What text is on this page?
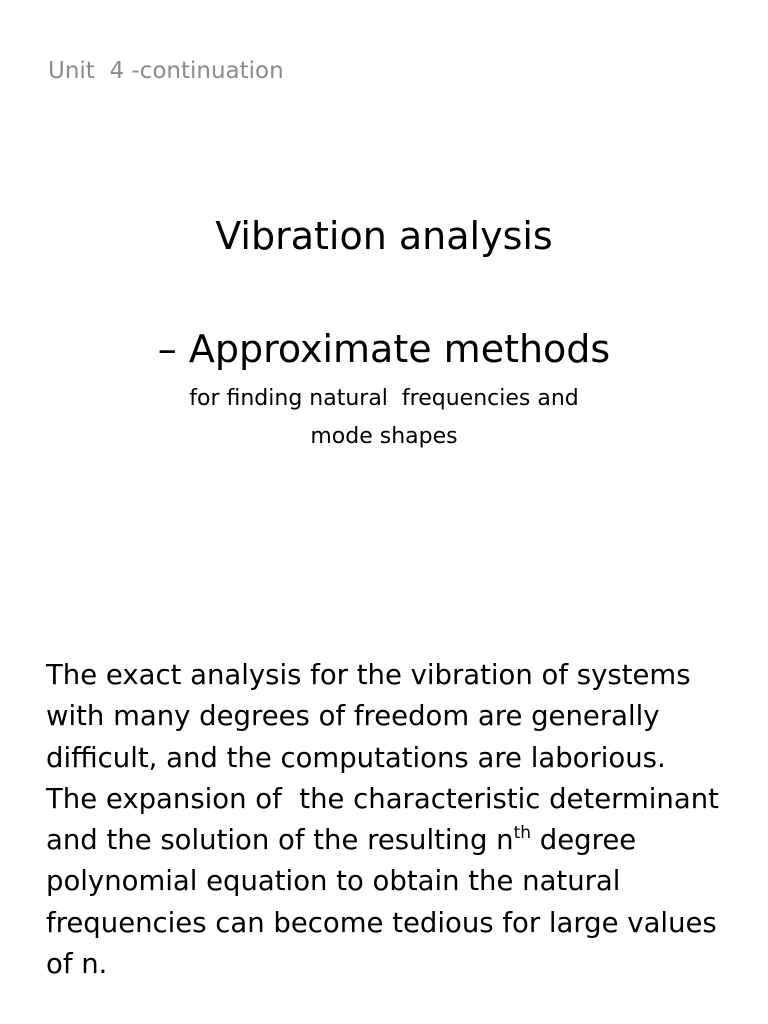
Unit  4 -continuation
Vibration analysis
– Approximate methods
for finding natural  frequencies and
mode shapes
The exact analysis for the vibration of systems
with many degrees of freedom are generally
difficult, and the computations are laborious.
The expansion of  the characteristic determinant
and the solution of the resulting $n^{th}$ degree
polynomial equation to obtain the natural
frequencies can become tedious for large values
of n.
